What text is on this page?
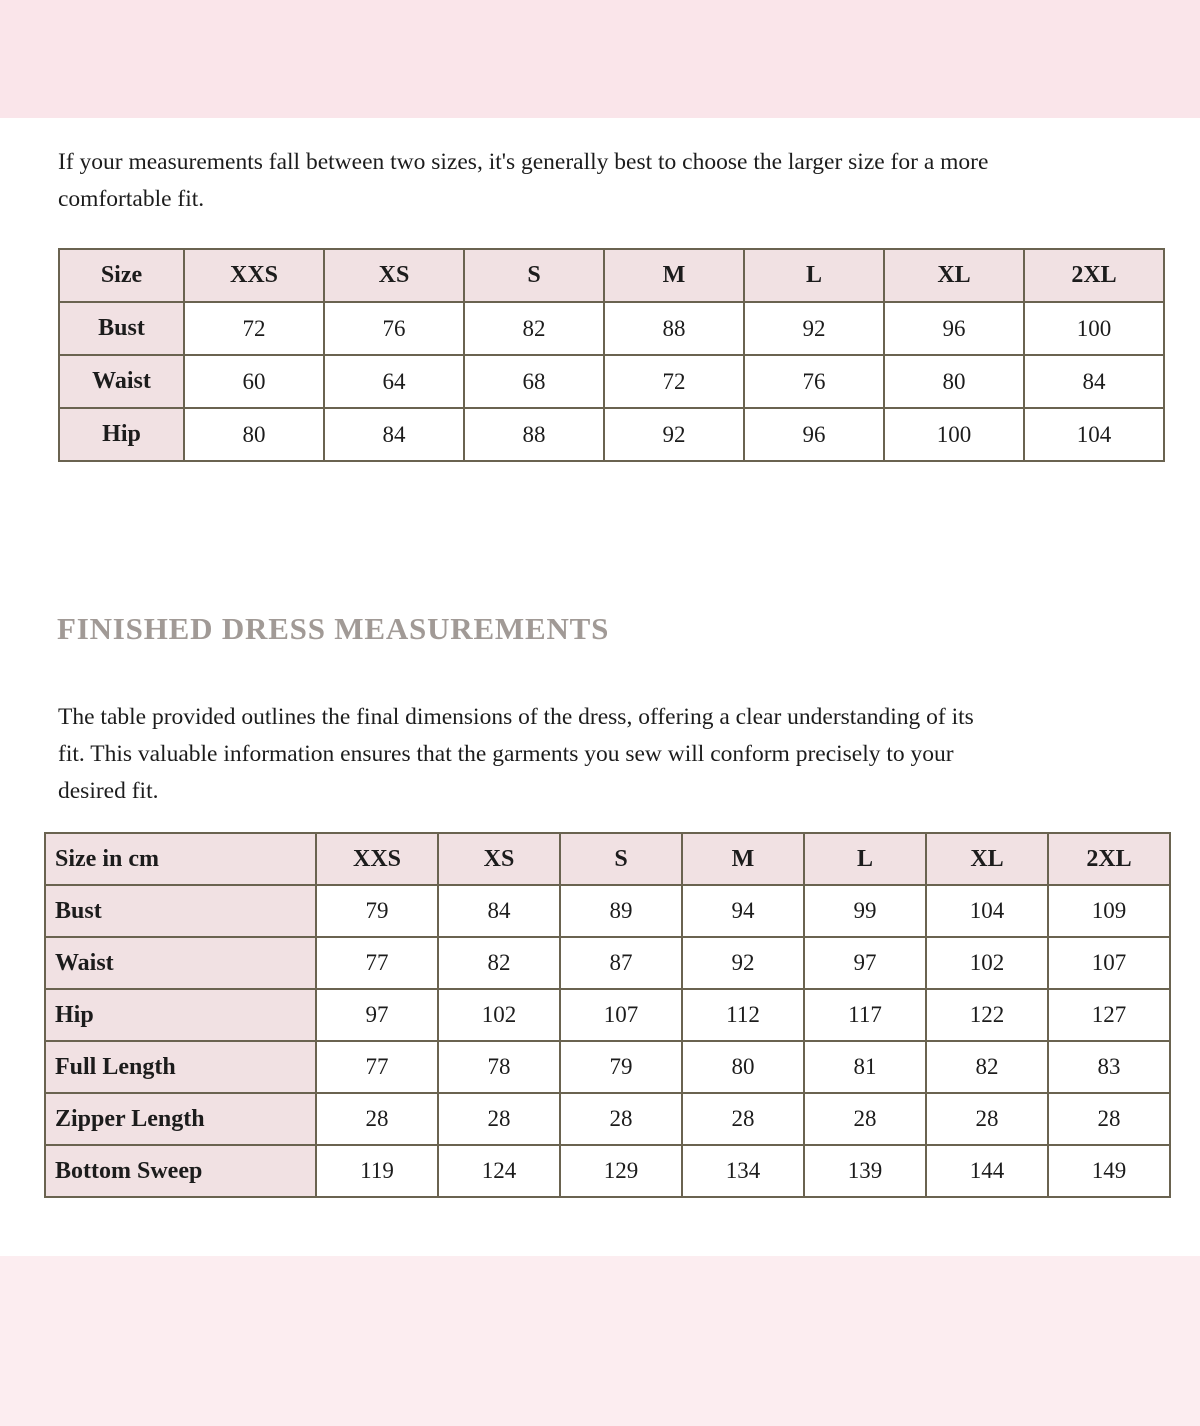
If your measurements fall between two sizes, it's generally best to choose the larger size for a more
comfortable fit.
Size	XXS	XS	S	M	L	XL	2XL
Bust	72	76	82	88	92	96	100
Waist	60	64	68	72	76	80	84
Hip	80	84	88	92	96	100	104
FINISHED DRESS MEASUREMENTS
The table provided outlines the final dimensions of the dress, offering a clear understanding of its
fit. This valuable information ensures that the garments you sew will conform precisely to your
desired fit.
Size in cm	XXS	XS	S	M	L	XL	2XL
Bust	79	84	89	94	99	104	109
Waist	77	82	87	92	97	102	107
Hip	97	102	107	112	117	122	127
Full Length	77	78	79	80	81	82	83
Zipper Length	28	28	28	28	28	28	28
Bottom Sweep	119	124	129	134	139	144	149
